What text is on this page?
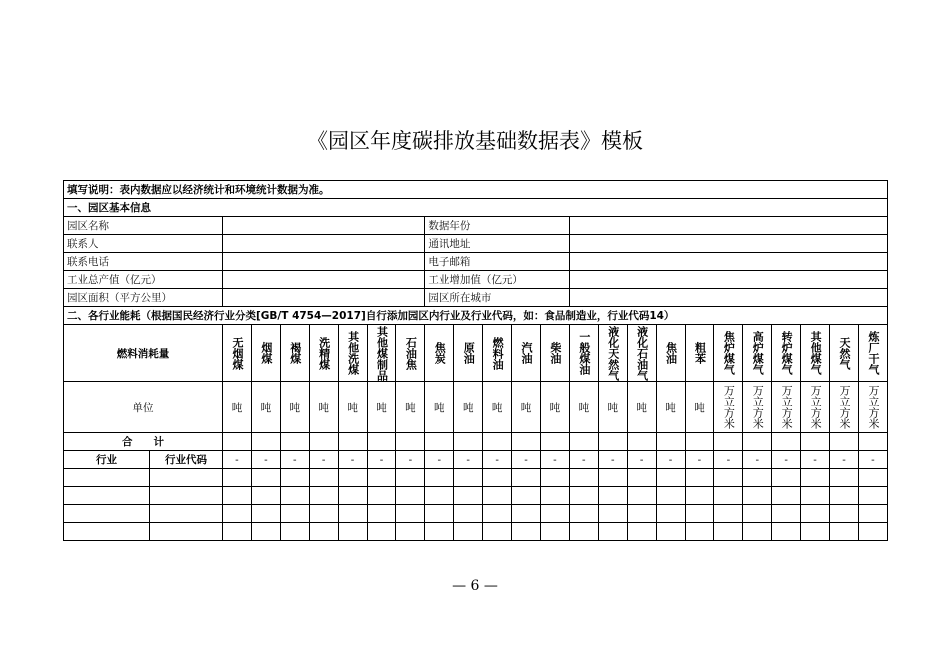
《园区年度碳排放基础数据表》模板
填写说明：表内数据应以经济统计和环境统计数据为准。																								
一、园区基本信息																								
园区名称									数据年份															
联系人									通讯地址															
联系电话									电子邮箱															
工业总产值（亿元）									工业增加值（亿元）															
园区面积（平方公里）									园区所在城市															
二、各行业能耗（根据国民经济行业分类[GB/T 4754—2017]自行添加园区内行业及行业代码，如：食品制造业，行业代码14）																								
燃料消耗量		无烟煤	烟煤	褐煤	洗精煤	其他洗煤	其他煤制品	石油焦	焦炭	原油	燃料油	汽油	柴油	一般煤油	液化天然气	液化石油气	焦油	粗苯	焦炉煤气	高炉煤气	转炉煤气	其他煤气	天然气	炼厂干气

单位		吨	吨	吨	吨	吨	吨	吨	吨	吨	吨	吨	吨	吨	吨	吨	吨	吨	万立方米	万立方米	万立方米	万立方米	万立方米	万立方米

合　　计																								
行业	行业代码	-	-	-	-	-	-	-	-	-	-	-	-	-	-	-	-	-	-	-	-	-	-	-

— 6 —
